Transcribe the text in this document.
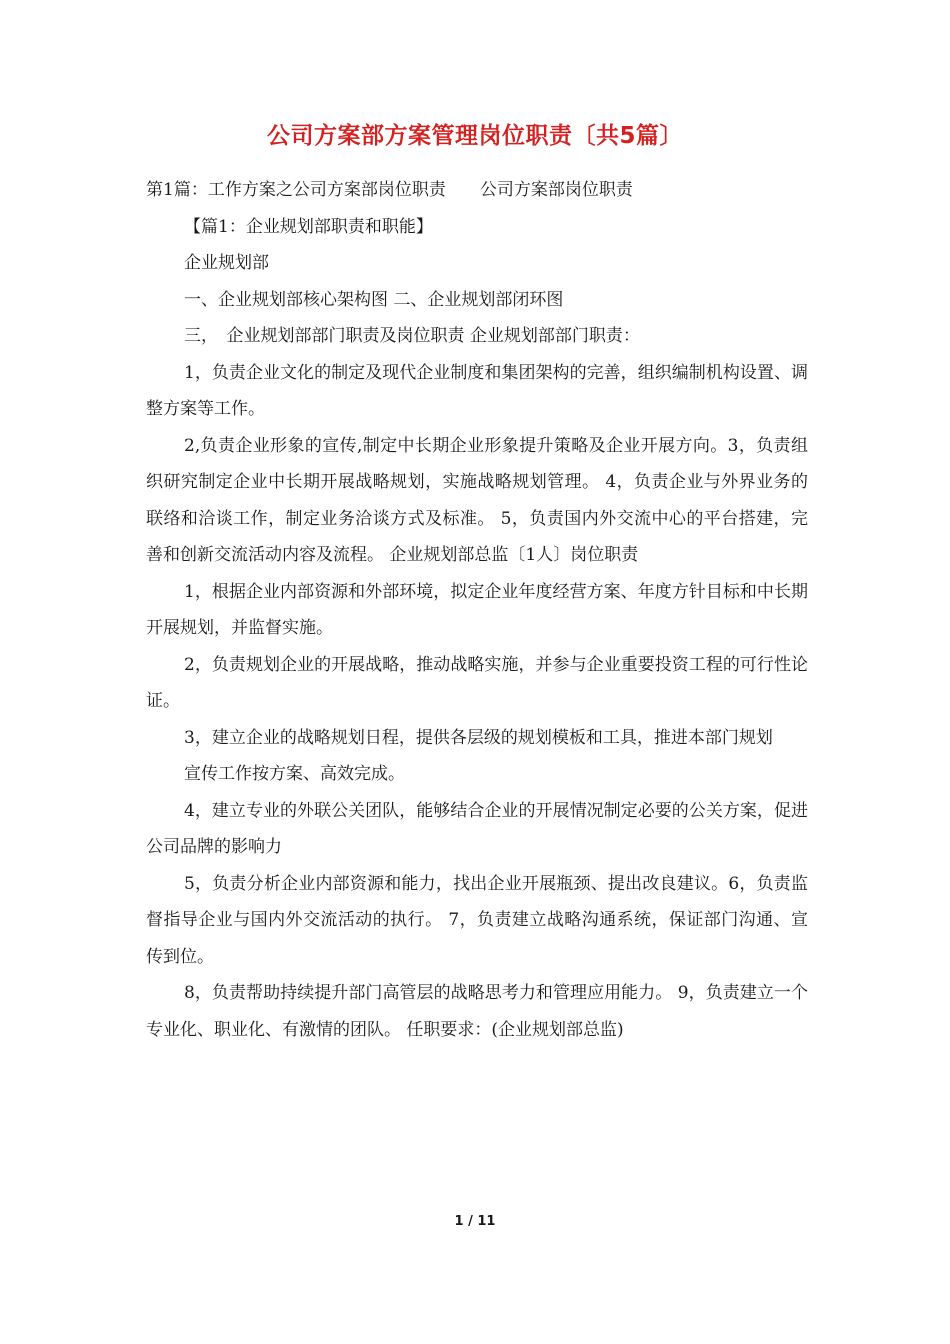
公司方案部方案管理岗位职责〔共5篇〕

第1篇：工作方案之公司方案部岗位职责　　公司方案部岗位职责

【篇1：企业规划部职责和职能】

企业规划部

一、企业规划部核心架构图 二、企业规划部闭环图

三，　企业规划部部门职责及岗位职责 企业规划部部门职责：

1，负责企业文化的制定及现代企业制度和集团架构的完善，组织编制机构设置、调整方案等工作。

2,负责企业形象的宣传,制定中长期企业形象提升策略及企业开展方向。3，负责组织研究制定企业中长期开展战略规划，实施战略规划管理。 4，负责企业与外界业务的联络和洽谈工作，制定业务洽谈方式及标准。 5，负责国内外交流中心的平台搭建，完善和创新交流活动内容及流程。 企业规划部总监〔1人〕岗位职责

1，根据企业内部资源和外部环境，拟定企业年度经营方案、年度方针目标和中长期开展规划，并监督实施。

2，负责规划企业的开展战略，推动战略实施，并参与企业重要投资工程的可行性论证。

3，建立企业的战略规划日程，提供各层级的规划模板和工具，推进本部门规划

宣传工作按方案、高效完成。

4，建立专业的外联公关团队，能够结合企业的开展情况制定必要的公关方案，促进公司品牌的影响力

5，负责分析企业内部资源和能力，找出企业开展瓶颈、提出改良建议。6，负责监督指导企业与国内外交流活动的执行。 7，负责建立战略沟通系统，保证部门沟通、宣传到位。

8，负责帮助持续提升部门高管层的战略思考力和管理应用能力。 9，负责建立一个专业化、职业化、有激情的团队。 任职要求：(企业规划部总监)

1 / 11
